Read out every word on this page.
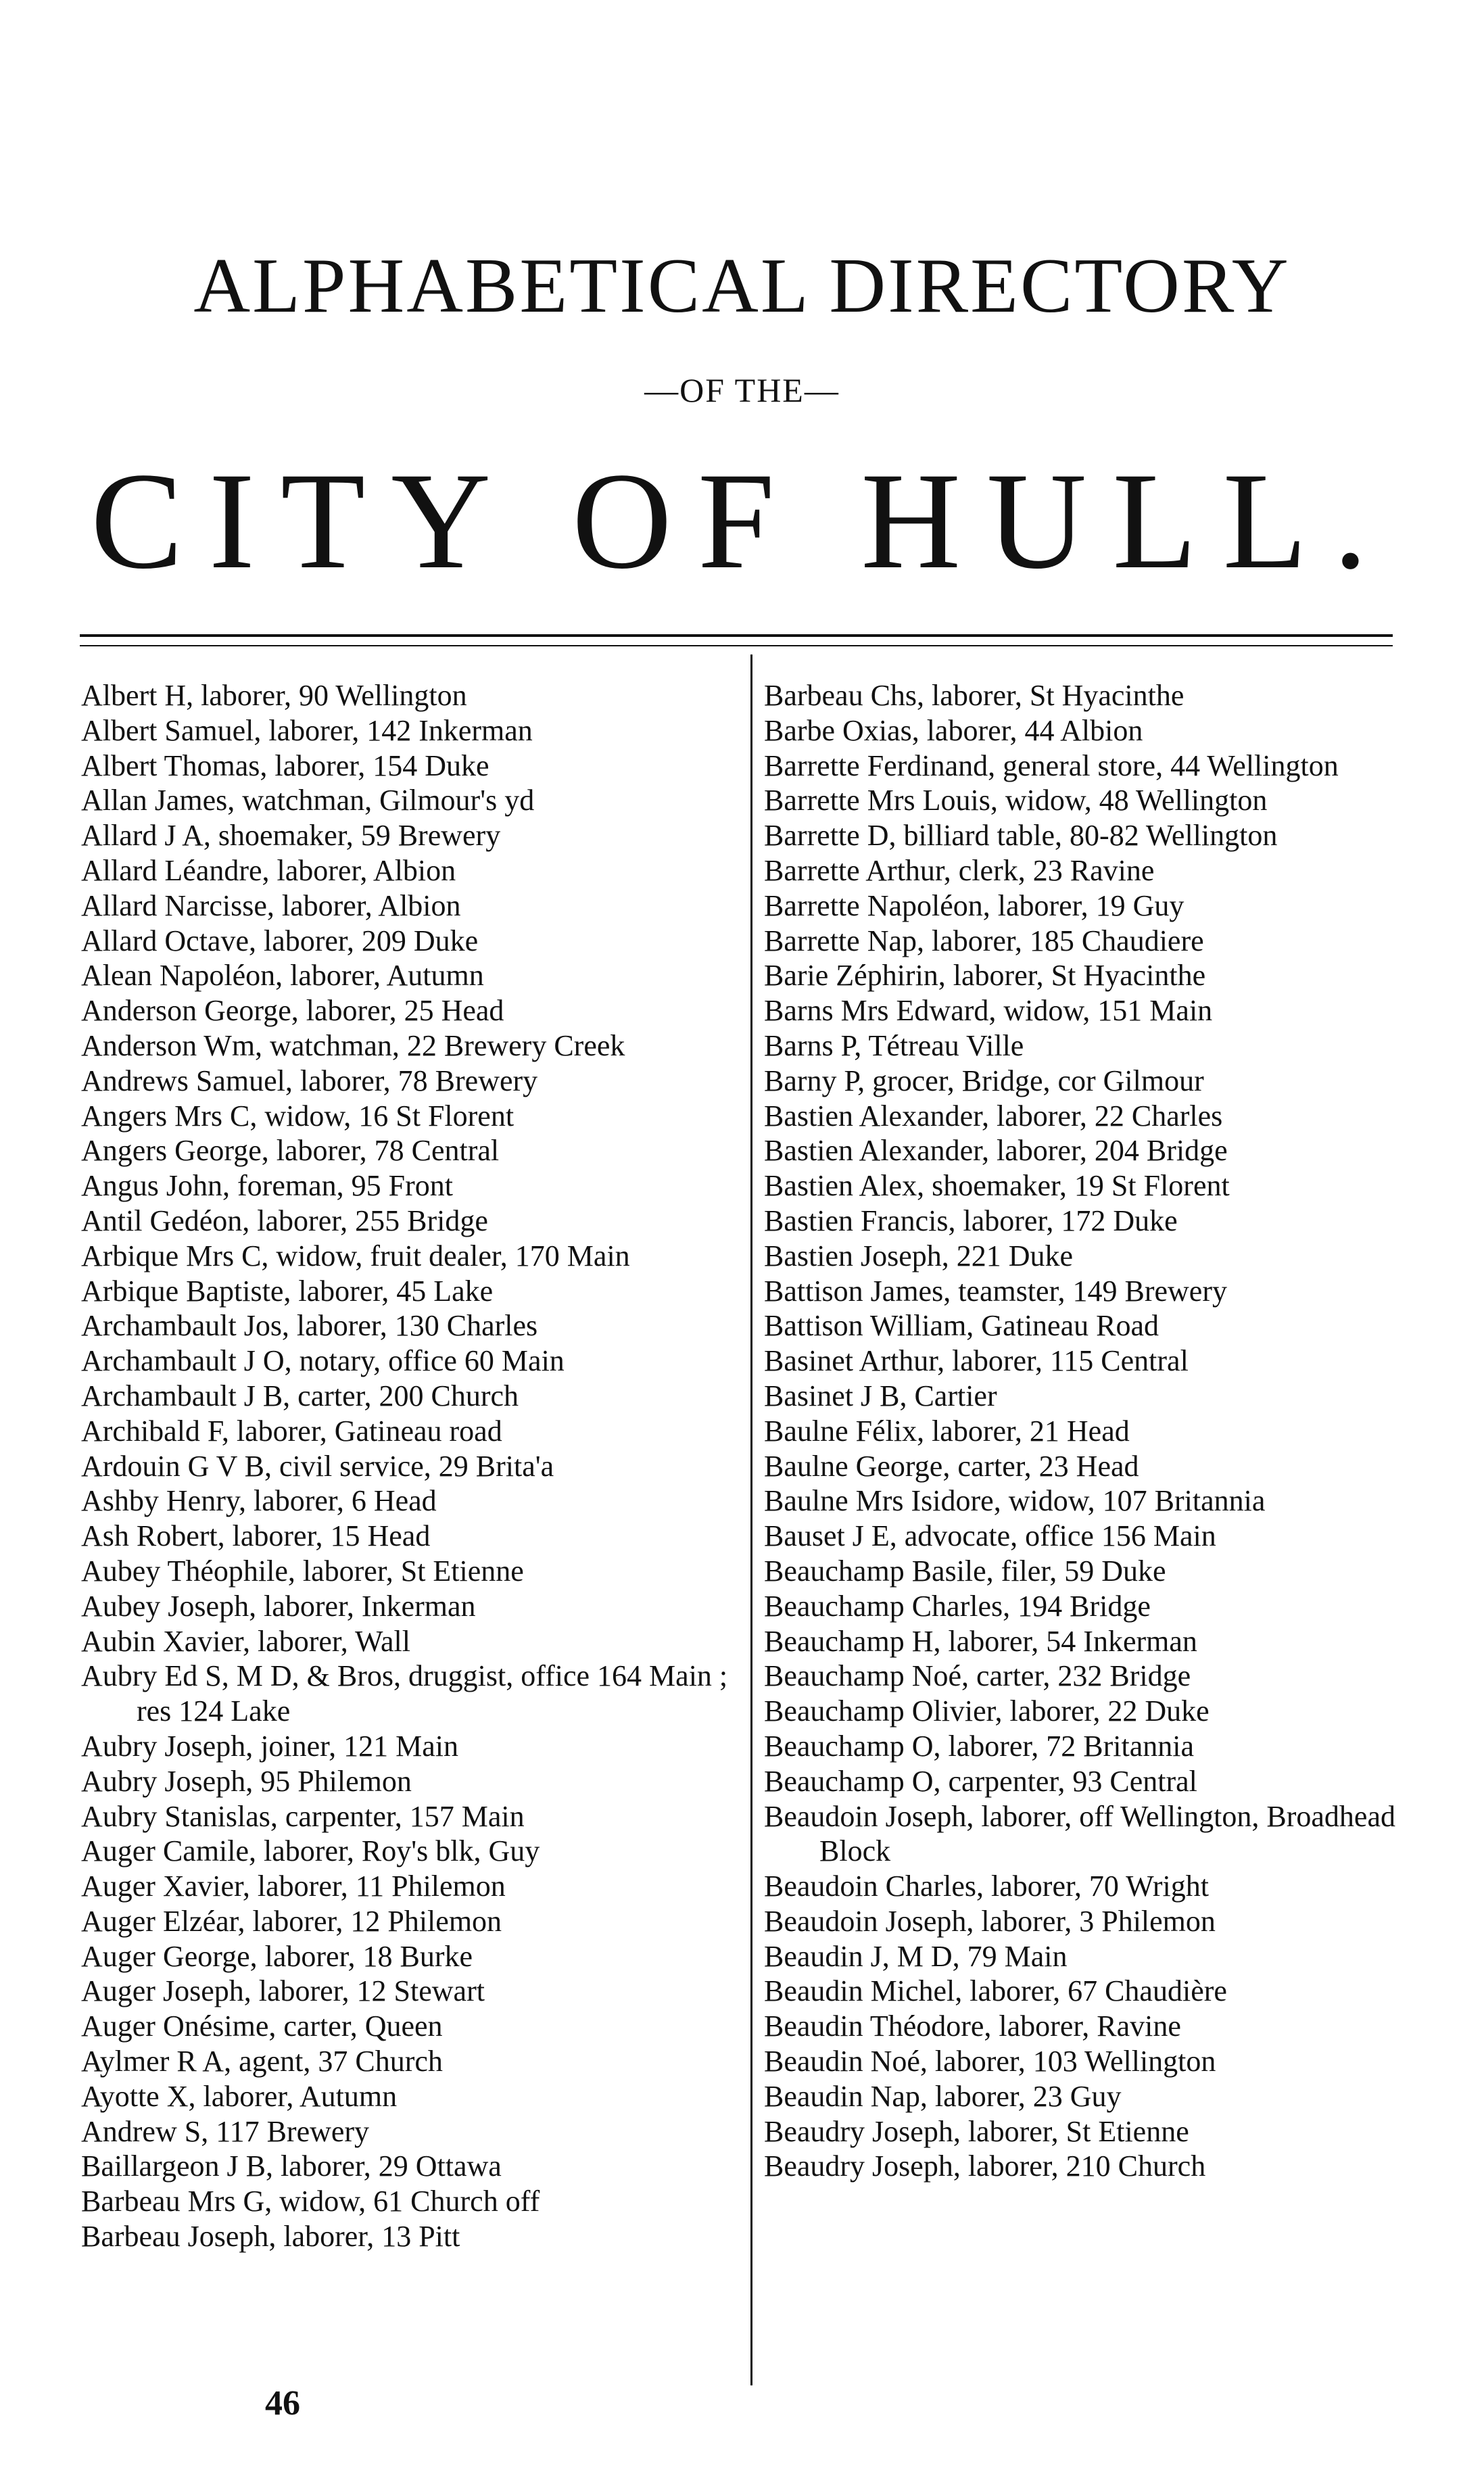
ALPHABETICAL DIRECTORY
—OF THE—
CITY OF HULL.
Albert H, laborer, 90 Wellington
Albert Samuel, laborer, 142 Inkerman
Albert Thomas, laborer, 154 Duke
Allan James, watchman, Gilmour's yd
Allard J A, shoemaker, 59 Brewery
Allard Léandre, laborer, Albion
Allard Narcisse, laborer, Albion
Allard Octave, laborer, 209 Duke
Alean Napoléon, laborer, Autumn
Anderson George, laborer, 25 Head
Anderson Wm, watchman, 22 Brewery Creek
Andrews Samuel, laborer, 78 Brewery
Angers Mrs C, widow, 16 St Florent
Angers George, laborer, 78 Central
Angus John, foreman, 95 Front
Antil Gedéon, laborer, 255 Bridge
Arbique Mrs C, widow, fruit dealer, 170 Main
Arbique Baptiste, laborer, 45 Lake
Archambault Jos, laborer, 130 Charles
Archambault J O, notary, office 60 Main
Archambault J B, carter, 200 Church
Archibald F, laborer, Gatineau road
Ardouin G V B, civil service, 29 Brita'a
Ashby Henry, laborer, 6 Head
Ash Robert, laborer, 15 Head
Aubey Théophile, laborer, St Etienne
Aubey Joseph, laborer, Inkerman
Aubin Xavier, laborer, Wall
Aubry Ed S, M D, & Bros, druggist, office 164 Main ; res 124 Lake
Aubry Joseph, joiner, 121 Main
Aubry Joseph, 95 Philemon
Aubry Stanislas, carpenter, 157 Main
Auger Camile, laborer, Roy's blk, Guy
Auger Xavier, laborer, 11 Philemon
Auger Elzéar, laborer, 12 Philemon
Auger George, laborer, 18 Burke
Auger Joseph, laborer, 12 Stewart
Auger Onésime, carter, Queen
Aylmer R A, agent, 37 Church
Ayotte X, laborer, Autumn
Andrew S, 117 Brewery
Baillargeon J B, laborer, 29 Ottawa
Barbeau Mrs G, widow, 61 Church off
Barbeau Joseph, laborer, 13 Pitt
Barbeau Chs, laborer, St Hyacinthe
Barbe Oxias, laborer, 44 Albion
Barrette Ferdinand, general store, 44 Wellington
Barrette Mrs Louis, widow, 48 Wellington
Barrette D, billiard table, 80-82 Wellington
Barrette Arthur, clerk, 23 Ravine
Barrette Napoléon, laborer, 19 Guy
Barrette Nap, laborer, 185 Chaudiere
Barie Zéphirin, laborer, St Hyacinthe
Barns Mrs Edward, widow, 151 Main
Barns P, Tétreau Ville
Barny P, grocer, Bridge, cor Gilmour
Bastien Alexander, laborer, 22 Charles
Bastien Alexander, laborer, 204 Bridge
Bastien Alex, shoemaker, 19 St Florent
Bastien Francis, laborer, 172 Duke
Bastien Joseph, 221 Duke
Battison James, teamster, 149 Brewery
Battison William, Gatineau Road
Basinet Arthur, laborer, 115 Central
Basinet J B, Cartier
Baulne Félix, laborer, 21 Head
Baulne George, carter, 23 Head
Baulne Mrs Isidore, widow, 107 Britannia
Bauset J E, advocate, office 156 Main
Beauchamp Basile, filer, 59 Duke
Beauchamp Charles, 194 Bridge
Beauchamp H, laborer, 54 Inkerman
Beauchamp Noé, carter, 232 Bridge
Beauchamp Olivier, laborer, 22 Duke
Beauchamp O, laborer, 72 Britannia
Beauchamp O, carpenter, 93 Central
Beaudoin Joseph, laborer, off Wellington, Broadhead Block
Beaudoin Charles, laborer, 70 Wright
Beaudoin Joseph, laborer, 3 Philemon
Beaudin J, M D, 79 Main
Beaudin Michel, laborer, 67 Chaudière
Beaudin Théodore, laborer, Ravine
Beaudin Noé, laborer, 103 Wellington
Beaudin Nap, laborer, 23 Guy
Beaudry Joseph, laborer, St Etienne
Beaudry Joseph, laborer, 210 Church
46
